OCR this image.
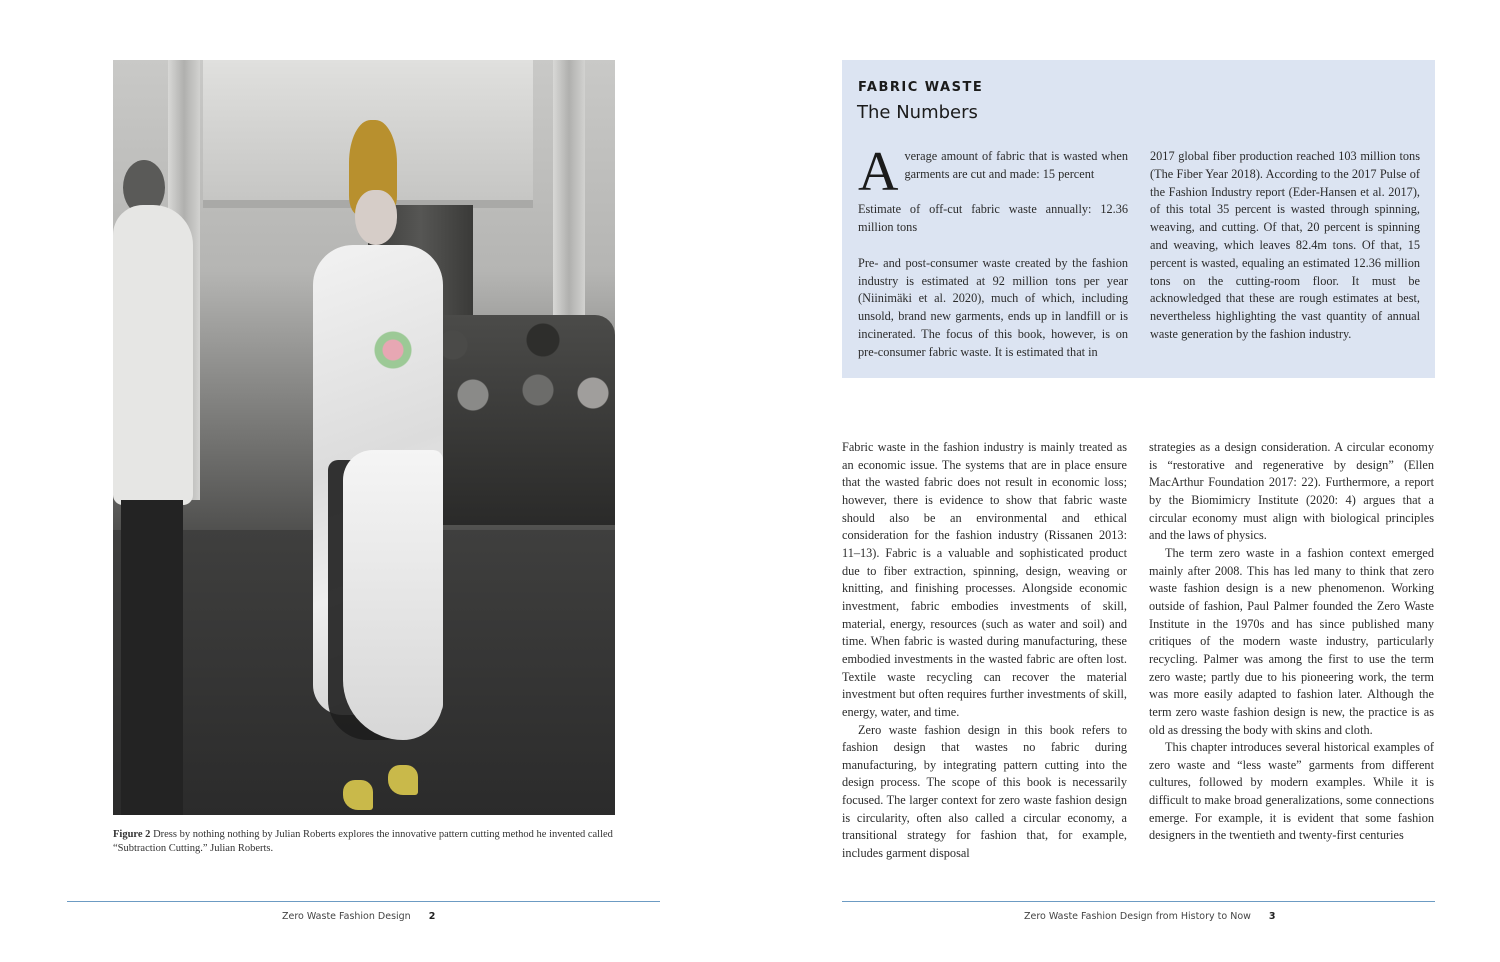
Figure 2 Dress by nothing nothing by Julian Roberts explores the innovative pattern cutting method he invented called “Subtraction Cutting.” Julian Roberts.
Zero Waste Fashion Design 2
FABRIC WASTE
The Numbers

Average amount of fabric that is wasted when garments are cut and made: 15 percent

Estimate of off-cut fabric waste annually: 12.36 million tons

Pre- and post-consumer waste created by the fashion industry is estimated at 92 million tons per year (Niinimäki et al. 2020), much of which, including unsold, brand new garments, ends up in landfill or is incinerated. The focus of this book, however, is on pre-consumer fabric waste. It is estimated that in

2017 global fiber production reached 103 million tons (The Fiber Year 2018). According to the 2017 Pulse of the Fashion Industry report (Eder-Hansen et al. 2017), of this total 35 percent is wasted through spinning, weaving, and cutting. Of that, 20 percent is spinning and weaving, which leaves 82.4m tons. Of that, 15 percent is wasted, equaling an estimated 12.36 million tons on the cutting-room floor. It must be acknowledged that these are rough estimates at best, nevertheless highlighting the vast quantity of annual waste generation by the fashion industry.

Fabric waste in the fashion industry is mainly treated as an economic issue. The systems that are in place ensure that the wasted fabric does not result in economic loss; however, there is evidence to show that fabric waste should also be an environmental and ethical consideration for the fashion industry (Rissanen 2013: 11–13). Fabric is a valuable and sophisticated product due to fiber extraction, spinning, design, weaving or knitting, and finishing processes. Alongside economic investment, fabric embodies investments of skill, material, energy, resources (such as water and soil) and time. When fabric is wasted during manufacturing, these embodied investments in the wasted fabric are often lost. Textile waste recycling can recover the material investment but often requires further investments of skill, energy, water, and time.

Zero waste fashion design in this book refers to fashion design that wastes no fabric during manufacturing, by integrating pattern cutting into the design process. The scope of this book is necessarily focused. The larger context for zero waste fashion design is circularity, often also called a circular economy, a transitional strategy for fashion that, for example, includes garment disposal

strategies as a design consideration. A circular economy is “restorative and regenerative by design” (Ellen MacArthur Foundation 2017: 22). Furthermore, a report by the Biomimicry Institute (2020: 4) argues that a circular economy must align with biological principles and the laws of physics.

The term zero waste in a fashion context emerged mainly after 2008. This has led many to think that zero waste fashion design is a new phenomenon. Working outside of fashion, Paul Palmer founded the Zero Waste Institute in the 1970s and has since published many critiques of the modern waste industry, particularly recycling. Palmer was among the first to use the term zero waste; partly due to his pioneering work, the term was more easily adapted to fashion later. Although the term zero waste fashion design is new, the practice is as old as dressing the body with skins and cloth.

This chapter introduces several historical examples of zero waste and “less waste” garments from different cultures, followed by modern examples. While it is difficult to make broad generalizations, some connections emerge. For example, it is evident that some fashion designers in the twentieth and twenty-first centuries

Zero Waste Fashion Design from History to Now 3
